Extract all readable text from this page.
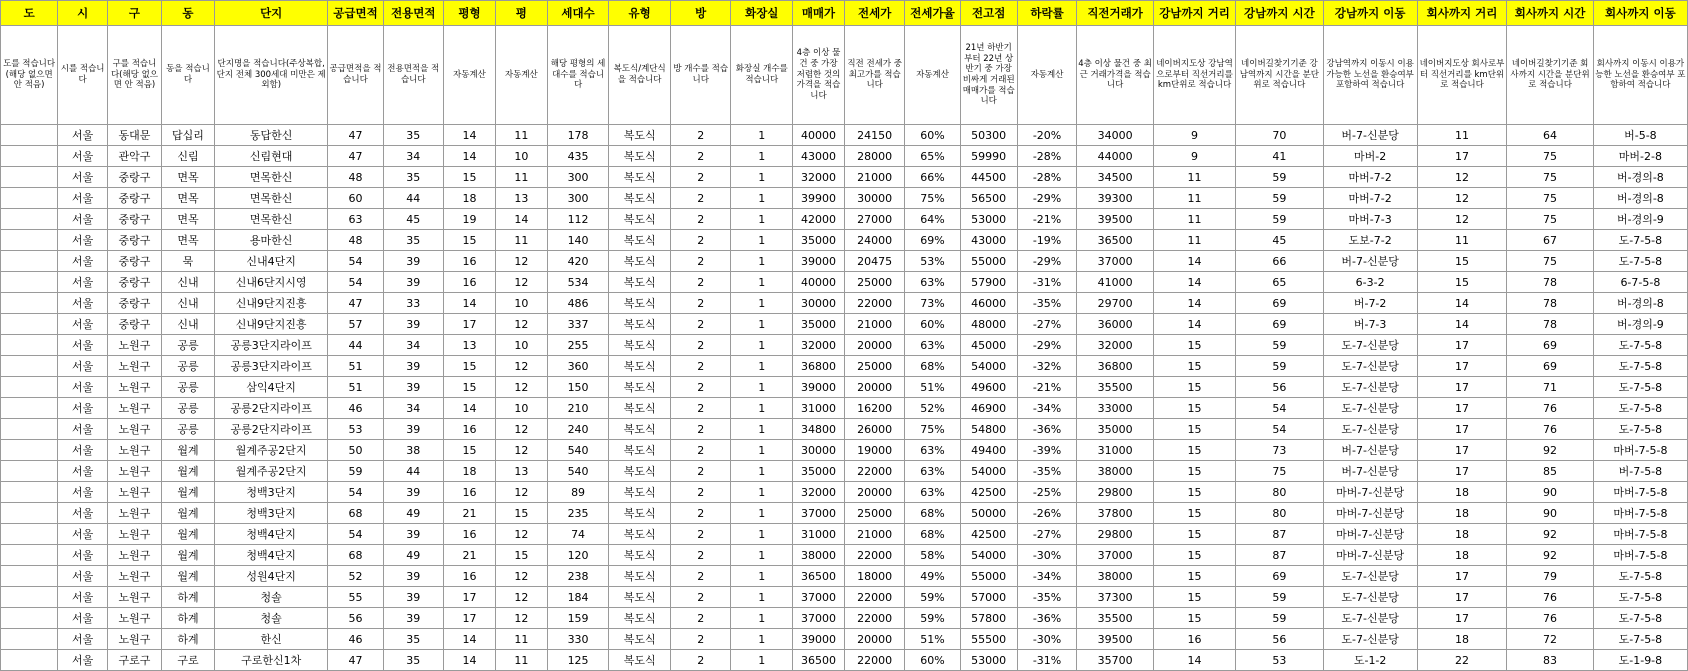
도	시	구	동	단지	공급면적	전용면적	평형	평	세대수	유형	방	화장실	매매가	전세가	전세가율	전고점	하락률	직전거래가	강남까지 거리	강남까지 시간	강남까지 이동	회사까지 거리	회사까지 시간	회사까지 이동
도를 적습니다(해당 없으면 안 적음)	시를 적습니다	구를 적습니다(해당 없으면 안 적음)	동을 적습니다	단지명을 적습니다(주상복합, 단지 전체 300세대 미만은 제외함)	공급면적을 적습니다	전용면적을 적습니다	자동계산	자동계산	해당 평형의 세대수를 적습니다	복도식/계단식을 적습니다	방 개수를 적습니다	화장실 개수를 적습니다	4층 이상 물건 중 가장 저렴한 것의 가격을 적습니다	직전 전세가 중 최고가를 적습니다	자동계산	21년 하반기부터 22년 상반기 중 가장 비싸게 거래된 매매가를 적습니다	자동계산	4층 이상 물건 중 최근 거래가격을 적습니다	네이버지도상 강남역으로부터 직선거리를 km단위로 적습니다	네이버길찾기기준 강남역까지 시간을 분단위로 적습니다	강남역까지 이동시 이용가능한 노선을 환승여부 포함하여 적습니다	네이버지도상 회사로부터 직선거리를 km단위로 적습니다	네이버길찾기기준 회사까지 시간을 분단위로 적습니다	회사까지 이동시 이용가능한 노선을 환승여부 포함하여 적습니다
	서울	동대문	답십리	동답한신	47	35	14	11	178	복도식	2	1	40000	24150	60%	50300	-20%	34000	9	70	버-7-신분당	11	64	버-5-8
	서울	관악구	신림	신림현대	47	34	14	10	435	복도식	2	1	43000	28000	65%	59990	-28%	44000	9	41	마버-2	17	75	마버-2-8
	서울	중랑구	면목	면목한신	48	35	15	11	300	복도식	2	1	32000	21000	66%	44500	-28%	34500	11	59	마버-7-2	12	75	버-경의-8
	서울	중랑구	면목	면목한신	60	44	18	13	300	복도식	2	1	39900	30000	75%	56500	-29%	39300	11	59	마버-7-2	12	75	버-경의-8
	서울	중랑구	면목	면목한신	63	45	19	14	112	복도식	2	1	42000	27000	64%	53000	-21%	39500	11	59	마버-7-3	12	75	버-경의-9
	서울	중랑구	면목	용마한신	48	35	15	11	140	복도식	2	1	35000	24000	69%	43000	-19%	36500	11	45	도보-7-2	11	67	도-7-5-8
	서울	중랑구	묵	신내4단지	54	39	16	12	420	복도식	2	1	39000	20475	53%	55000	-29%	37000	14	66	버-7-신분당	15	75	도-7-5-8
	서울	중랑구	신내	신내6단지시영	54	39	16	12	534	복도식	2	1	40000	25000	63%	57900	-31%	41000	14	65	6-3-2	15	78	6-7-5-8
	서울	중랑구	신내	신내9단지진흥	47	33	14	10	486	복도식	2	1	30000	22000	73%	46000	-35%	29700	14	69	버-7-2	14	78	버-경의-8
	서울	중랑구	신내	신내9단지진흥	57	39	17	12	337	복도식	2	1	35000	21000	60%	48000	-27%	36000	14	69	버-7-3	14	78	버-경의-9
	서울	노원구	공릉	공릉3단지라이프	44	34	13	10	255	복도식	2	1	32000	20000	63%	45000	-29%	32000	15	59	도-7-신분당	17	69	도-7-5-8
	서울	노원구	공릉	공릉3단지라이프	51	39	15	12	360	복도식	2	1	36800	25000	68%	54000	-32%	36800	15	59	도-7-신분당	17	69	도-7-5-8
	서울	노원구	공릉	삼익4단지	51	39	15	12	150	복도식	2	1	39000	20000	51%	49600	-21%	35500	15	56	도-7-신분당	17	71	도-7-5-8
	서울	노원구	공릉	공릉2단지라이프	46	34	14	10	210	복도식	2	1	31000	16200	52%	46900	-34%	33000	15	54	도-7-신분당	17	76	도-7-5-8
	서울	노원구	공릉	공릉2단지라이프	53	39	16	12	240	복도식	2	1	34800	26000	75%	54800	-36%	35000	15	54	도-7-신분당	17	76	도-7-5-8
	서울	노원구	월계	월계주공2단지	50	38	15	12	540	복도식	2	1	30000	19000	63%	49400	-39%	31000	15	73	버-7-신분당	17	92	마버-7-5-8
	서울	노원구	월계	월계주공2단지	59	44	18	13	540	복도식	2	1	35000	22000	63%	54000	-35%	38000	15	75	버-7-신분당	17	85	버-7-5-8
	서울	노원구	월계	청백3단지	54	39	16	12	89	복도식	2	1	32000	20000	63%	42500	-25%	29800	15	80	마버-7-신분당	18	90	마버-7-5-8
	서울	노원구	월계	청백3단지	68	49	21	15	235	복도식	2	1	37000	25000	68%	50000	-26%	37800	15	80	마버-7-신분당	18	90	마버-7-5-8
	서울	노원구	월계	청백4단지	54	39	16	12	74	복도식	2	1	31000	21000	68%	42500	-27%	29800	15	87	마버-7-신분당	18	92	마버-7-5-8
	서울	노원구	월계	청백4단지	68	49	21	15	120	복도식	2	1	38000	22000	58%	54000	-30%	37000	15	87	마버-7-신분당	18	92	마버-7-5-8
	서울	노원구	월계	성원4단지	52	39	16	12	238	복도식	2	1	36500	18000	49%	55000	-34%	38000	15	69	도-7-신분당	17	79	도-7-5-8
	서울	노원구	하계	청솔	55	39	17	12	184	복도식	2	1	37000	22000	59%	57000	-35%	37300	15	59	도-7-신분당	17	76	도-7-5-8
	서울	노원구	하계	청솔	56	39	17	12	159	복도식	2	1	37000	22000	59%	57800	-36%	35500	15	59	도-7-신분당	17	76	도-7-5-8
	서울	노원구	하계	한신	46	35	14	11	330	복도식	2	1	39000	20000	51%	55500	-30%	39500	16	56	도-7-신분당	18	72	도-7-5-8
	서울	구로구	구로	구로한신1차	47	35	14	11	125	복도식	2	1	36500	22000	60%	53000	-31%	35700	14	53	도-1-2	22	83	도-1-9-8
